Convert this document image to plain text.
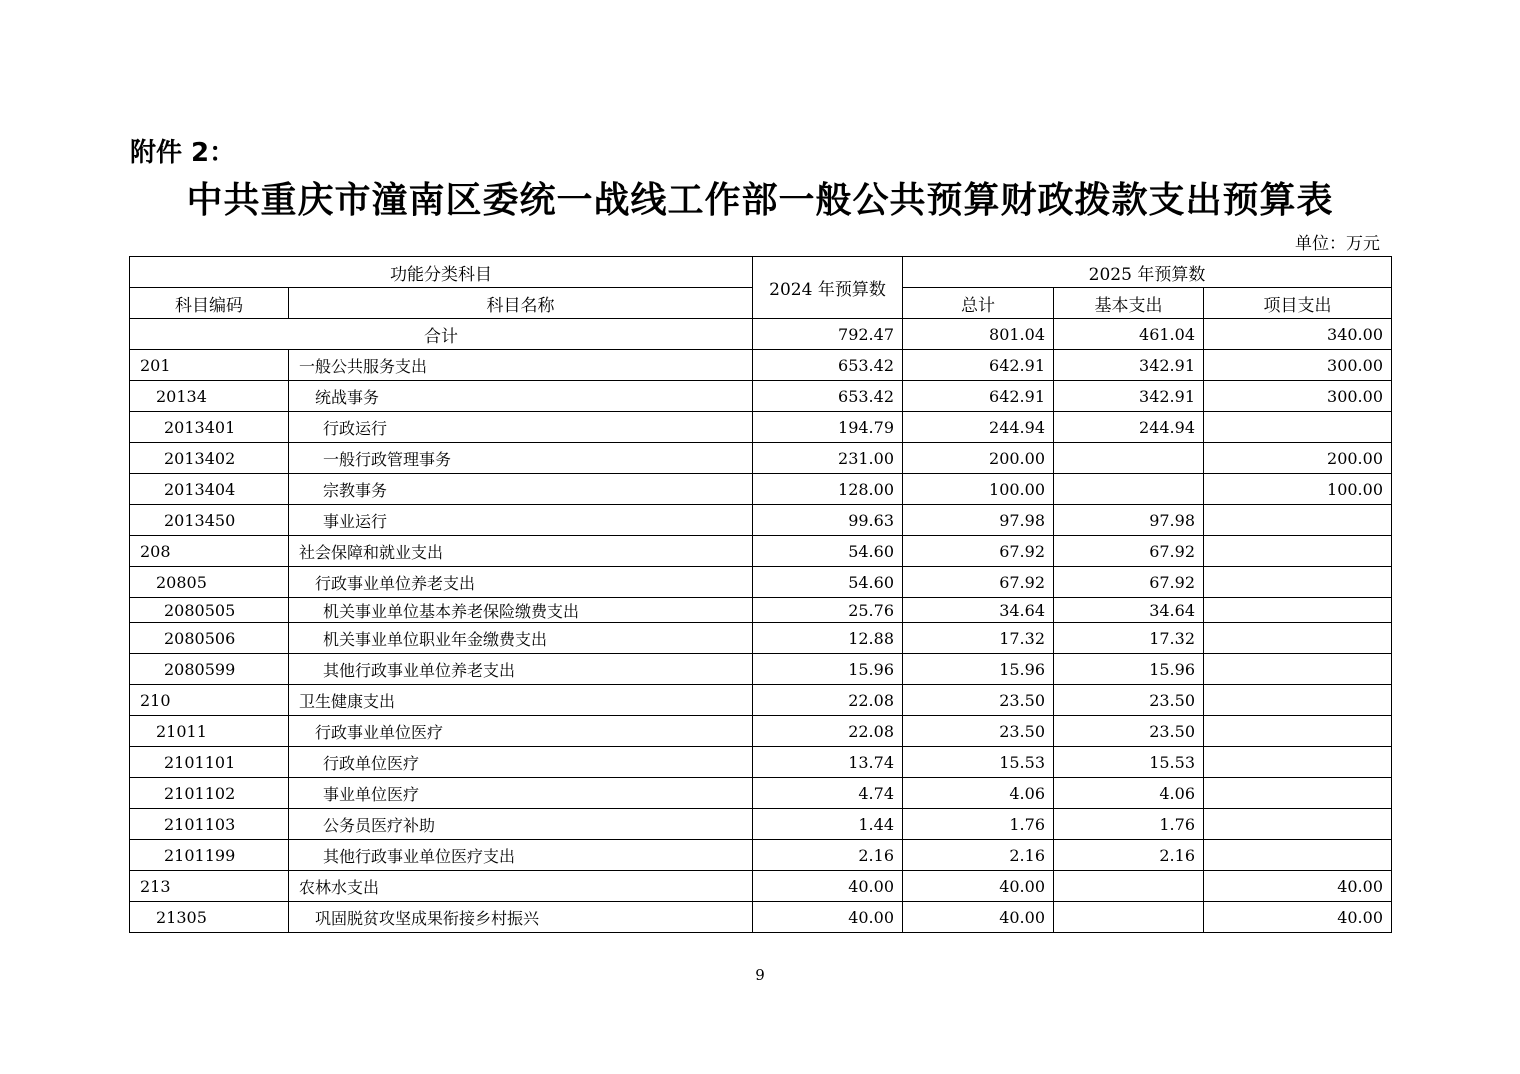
附件 2：
中共重庆市潼南区委统一战线工作部一般公共预算财政拨款支出预算表
单位：万元
功能分类科目		2024 年预算数	2025 年预算数		
科目编码	科目名称		总计	基本支出	项目支出
合计		792.47	801.04	461.04	340.00
201	一般公共服务支出	653.42	642.91	342.91	300.00
20134	统战事务	653.42	642.91	342.91	300.00
2013401	行政运行	194.79	244.94	244.94	
2013402	一般行政管理事务	231.00	200.00		200.00
2013404	宗教事务	128.00	100.00		100.00
2013450	事业运行	99.63	97.98	97.98	
208	社会保障和就业支出	54.60	67.92	67.92	
20805	行政事业单位养老支出	54.60	67.92	67.92	
2080505	机关事业单位基本养老保险缴费支出	25.76	34.64	34.64	
2080506	机关事业单位职业年金缴费支出	12.88	17.32	17.32	
2080599	其他行政事业单位养老支出	15.96	15.96	15.96	
210	卫生健康支出	22.08	23.50	23.50	
21011	行政事业单位医疗	22.08	23.50	23.50	
2101101	行政单位医疗	13.74	15.53	15.53	
2101102	事业单位医疗	4.74	4.06	4.06	
2101103	公务员医疗补助	1.44	1.76	1.76	
2101199	其他行政事业单位医疗支出	2.16	2.16	2.16	
213	农林水支出	40.00	40.00		40.00
21305	巩固脱贫攻坚成果衔接乡村振兴	40.00	40.00		40.00
9
